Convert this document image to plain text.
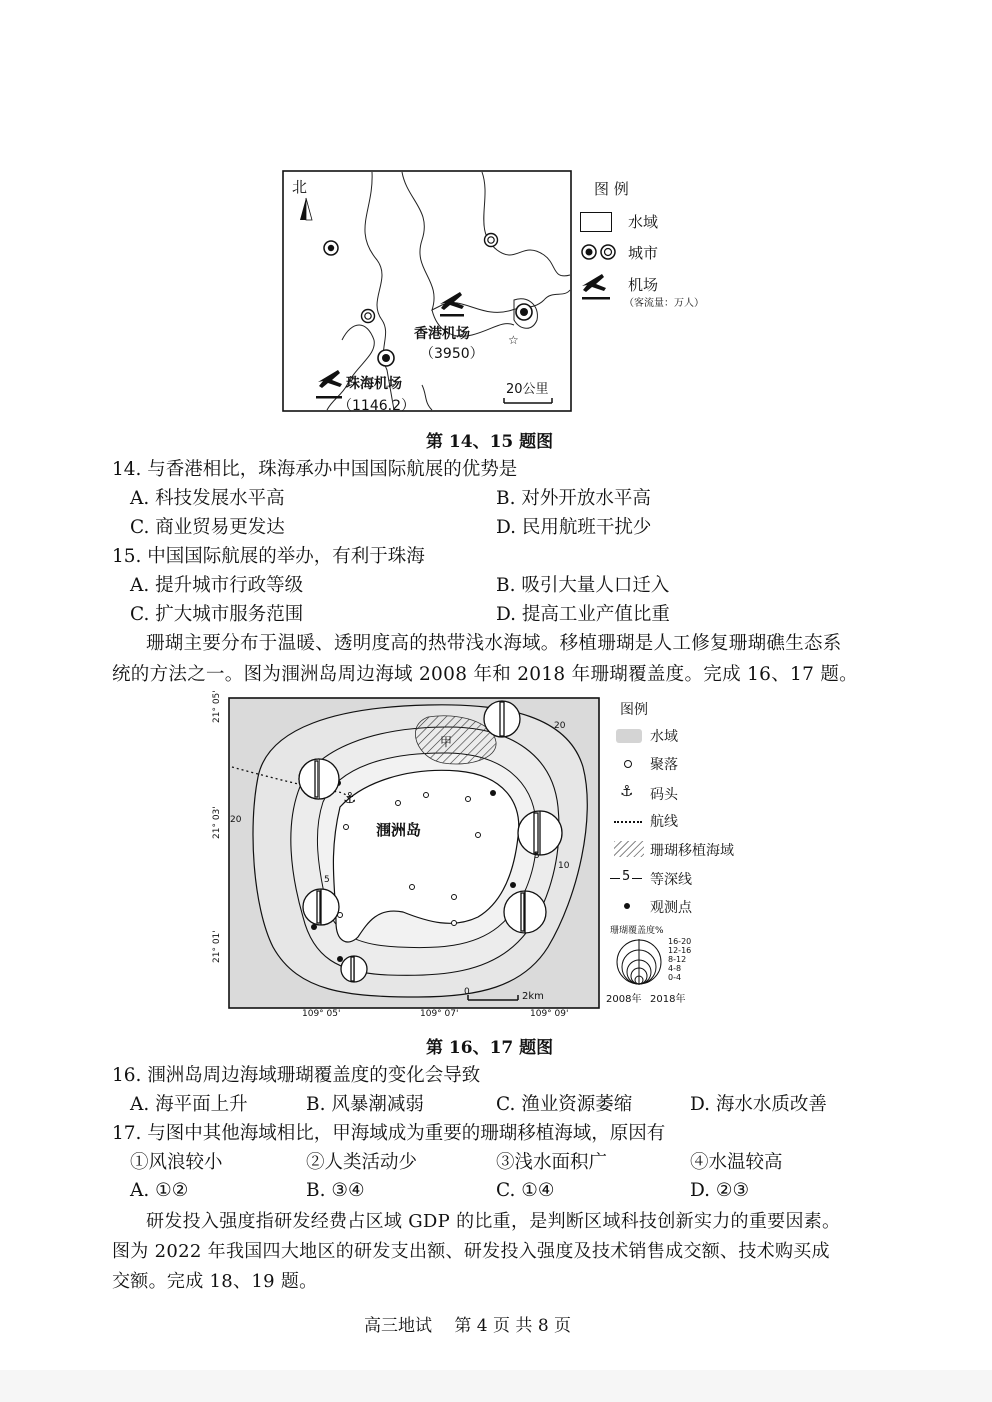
☆
北
香港机场
（3950）
珠海机场
（1146.2）
20公里
图 例
水域
城市
机场
（客流量：万人）
第 14、15 题图
14. 与香港相比，珠海承办中国国际航展的优势是
A. 科技发展水平高	B. 对外开放水平高
C. 商业贸易更发达	D. 民用航班干扰少
15. 中国国际航展的举办，有利于珠海
A. 提升城市行政等级	B. 吸引大量人口迁入
C. 扩大城市服务范围	D. 提高工业产值比重
珊瑚主要分布于温暖、透明度高的热带浅水海域。移植珊瑚是人工修复珊瑚礁生态系
统的方法之一。图为涠洲岛周边海域 2008 年和 2018 年珊瑚覆盖度。完成 16、17 题。
⚓
涠洲岛
甲
20
20
10
5
5
0	2km
21° 05'
21° 03'
21° 01'
109° 05'	109° 07'	109° 09'
图例
水域
聚落
⚓ 码头
航线
珊瑚移植海域
5 等深线
观测点
珊瑚覆盖度%
16-20
12-16
8-12
4-8
0-4
2008年 2018年
第 16、17 题图
16. 涠洲岛周边海域珊瑚覆盖度的变化会导致
A. 海平面上升	B. 风暴潮减弱	C. 渔业资源萎缩	D. 海水水质改善
17. 与图中其他海域相比，甲海域成为重要的珊瑚移植海域，原因有
①风浪较小	②人类活动少	③浅水面积广	④水温较高
A. ①②	B. ③④	C. ①④	D. ②③
研发投入强度指研发经费占区域 GDP 的比重，是判断区域科技创新实力的重要因素。
图为 2022 年我国四大地区的研发支出额、研发投入强度及技术销售成交额、技术购买成
交额。完成 18、19 题。
高三地试　 第 4 页 共 8 页
